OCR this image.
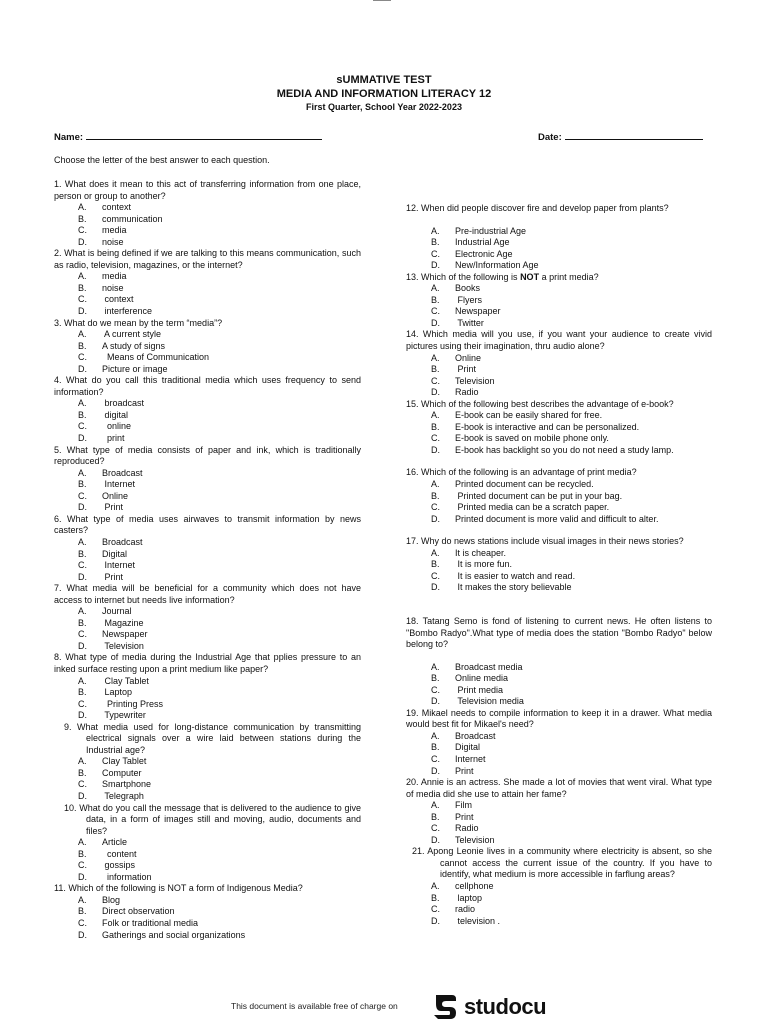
sUMMATIVE TEST
MEDIA AND INFORMATION LITERACY 12
First Quarter, School Year 2022-2023
Name:	Date:
Choose the letter of the best answer to each question.

1. What does it mean to this act of transferring information from one place, person or group to another?

A. context
B. communication
C. media
D. noise

2. What is being defined if we are talking to this means communication, such as radio, television, magazines, or the internet?

A. media
B. noise
C. context
D. interference

3. What do we mean by the term “media”?

A. A current style
B. A study of signs
C.  Means of Communication
D. Picture or image

4. What do you call this traditional media which uses frequency to send information?

A. broadcast
B. digital
C.  online
D.  print

5. What type of media consists of paper and ink, which is traditionally reproduced?

A. Broadcast
B. Internet
C. Online
D. Print

6. What type of media uses airwaves to transmit information by news casters?

A. Broadcast
B. Digital
C. Internet
D. Print

7. What media will be beneficial for a community which does not have access to internet but needs live information?

A. Journal
B. Magazine
C. Newspaper
D. Television

8. What type of media during the Industrial Age that pplies pressure to an inked surface resting upon a print medium like paper?

A. Clay Tablet
B. Laptop
C.  Printing Press
D. Typewriter

9. What media used for long-distance communication by transmitting electrical signals over a wire laid between stations during the Industrial age?

A. Clay Tablet
B. Computer
C. Smartphone
D. Telegraph

10. What do you call the message that is delivered to the audience to give data, in a form of images still and moving, audio, documents and files?

A. Article
B.  content
C. gossips
D.  information

11. Which of the following is NOT a form of Indigenous Media?

A. Blog
B. Direct observation
C. Folk or traditional media
D. Gatherings and social organizations

12. When did people discover fire and develop paper from plants?

A. Pre-industrial Age
B. Industrial Age
C. Electronic Age
D. New/Information Age

13. Which of the following is NOT a print media?

A. Books
B. Flyers
C. Newspaper
D. Twitter

14. Which media will you use, if you want your audience to create vivid pictures using their imagination, thru audio alone?

A. Online
B. Print
C. Television
D. Radio

15. Which of the following best describes the advantage of e-book?

A. E-book can be easily shared for free.
B. E-book is interactive and can be personalized.
C. E-book is saved on mobile phone only.
D. E-book has backlight so you do not need a study lamp.

16. Which of the following is an advantage of print media?

A. Printed document can be recycled.
B. Printed document can be put in your bag.
C. Printed media can be a scratch paper.
D. Printed document is more valid and difficult to alter.

17. Why do news stations include visual images in their news stories?

A. It is cheaper.
B. It is more fun.
C. It is easier to watch and read.
D. It makes the story believable

18. Tatang Semo is fond of listening to current news. He often listens to "Bombo Radyo".What type of media does the station "Bombo Radyo" below belong to?

A. Broadcast media
B. Online media
C. Print media
D. Television media

19. Mikael needs to compile information to keep it in a drawer. What media would best fit for Mikael's need?

A. Broadcast
B. Digital
C. Internet
D. Print

20. Annie is an actress. She made a lot of movies that went viral. What type of media did she use to attain her fame?

A. Film
B. Print
C. Radio
D. Television

21. Apong Leonie lives in a community where electricity is absent, so she cannot access the current issue of the country. If you have to identify, what medium is more accessible in farflung areas?

A. cellphone
B. laptop
C. radio
D. television .
This document is available free of charge on	studocu
